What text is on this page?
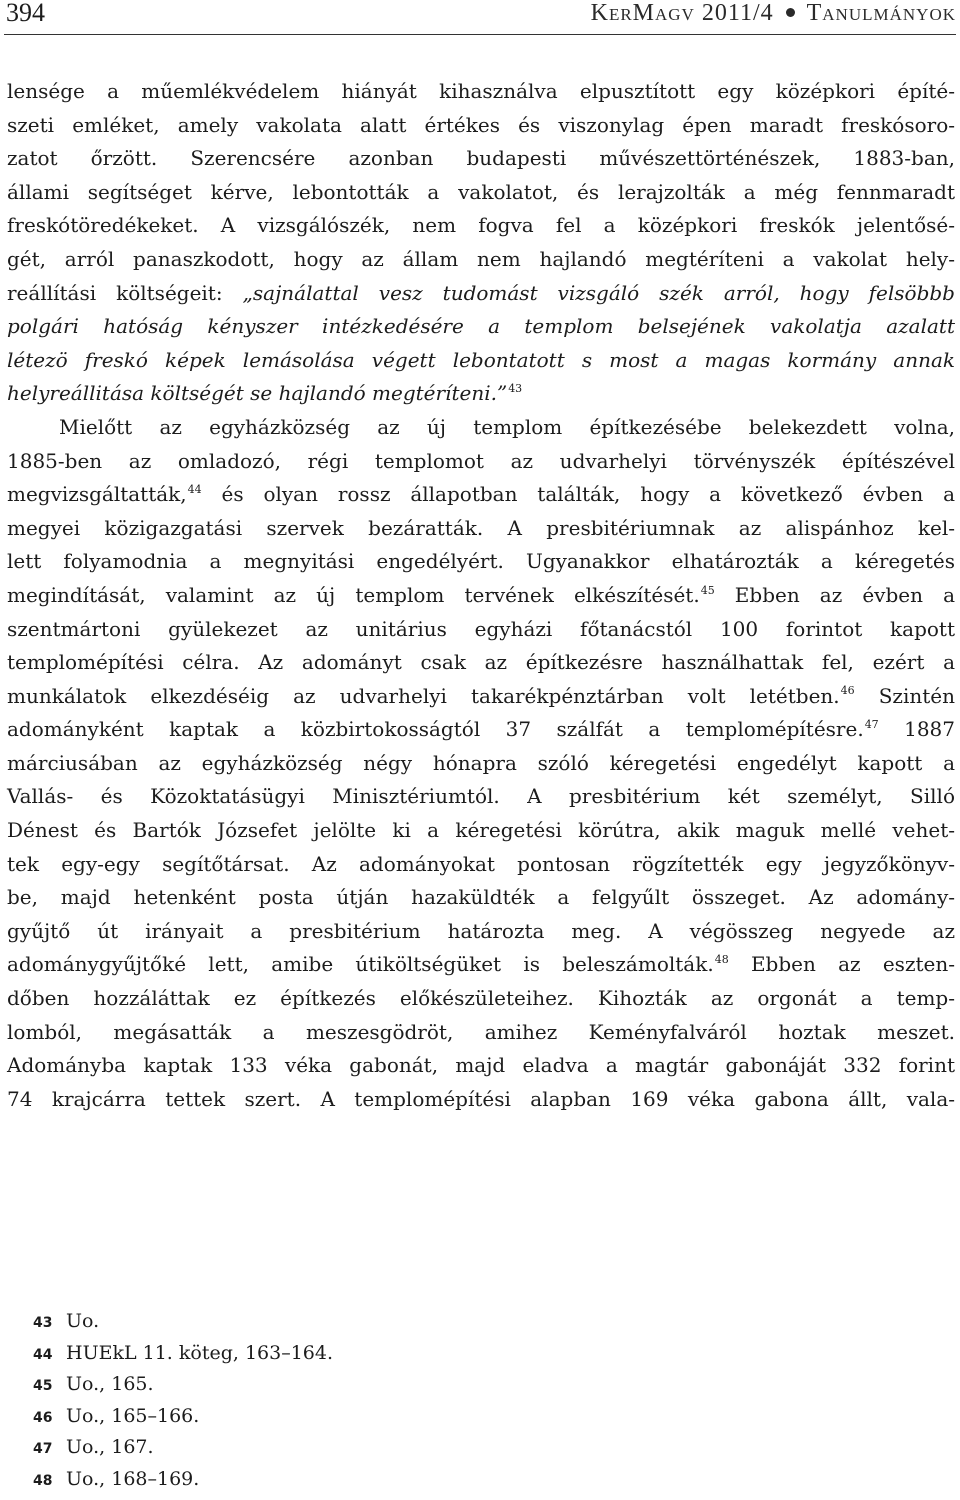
394	KerMagv 2011/4 Tanulmányok
lensége a műemlékvédelem hiányát kihasználva elpusztított egy középkori építé-
szeti emléket, amely vakolata alatt értékes és viszonylag épen maradt freskósoro-
zatot őrzött. Szerencsére azonban budapesti művészettörténészek, 1883-ban,
állami segítséget kérve, lebontották a vakolatot, és lerajzolták a még fennmaradt
freskótöredékeket. A vizsgálószék, nem fogva fel a középkori freskók jelentősé-
gét, arról panaszkodott, hogy az állam nem hajlandó megtéríteni a vakolat hely-
reállítási költségeit: „sajnálattal vesz tudomást vizsgáló szék arról, hogy felsöbbb
polgári hatóság kényszer intézkedésére a templom belsejének vakolatja azalatt
létezö freskó képek lemásolása végett lebontatott s most a magas kormány annak
helyreállitása költségét se hajlandó megtéríteni.”$^{43}$
Mielőtt az egyházközség az új templom építkezésébe belekezdett volna,
1885-ben az omladozó, régi templomot az udvarhelyi törvényszék építészével
megvizsgáltatták,$^{44}$ és olyan rossz állapotban találták, hogy a következő évben a
megyei közigazgatási szervek bezáratták. A presbitériumnak az alispánhoz kel-
lett folyamodnia a megnyitási engedélyért. Ugyanakkor elhatározták a kéregetés
megindítását, valamint az új templom tervének elkészítését.$^{45}$ Ebben az évben a
szentmártoni gyülekezet az unitárius egyházi főtanácstól 100 forintot kapott
templomépítési célra. Az adományt csak az építkezésre használhattak fel, ezért a
munkálatok elkezdéséig az udvarhelyi takarékpénztárban volt letétben.$^{46}$ Szintén
adományként kaptak a közbirtokosságtól 37 szálfát a templomépítésre.$^{47}$ 1887
márciusában az egyházközség négy hónapra szóló kéregetési engedélyt kapott a
Vallás- és Közoktatásügyi Minisztériumtól. A presbitérium két személyt, Silló
Dénest és Bartók Józsefet jelölte ki a kéregetési körútra, akik maguk mellé vehet-
tek egy-egy segítőtársat. Az adományokat pontosan rögzítették egy jegyzőkönyv-
be, majd hetenként posta útján hazaküldték a felgyűlt összeget. Az adomány-
gyűjtő út irányait a presbitérium határozta meg. A végösszeg negyede az
adománygyűjtőké lett, amibe útiköltségüket is beleszámolták.$^{48}$ Ebben az eszten-
dőben hozzáláttak ez építkezés előkészületeihez. Kihozták az orgonát a temp-
lomból, megásatták a meszesgödröt, amihez Keményfalváról hoztak meszet.
Adományba kaptak 133 véka gabonát, majd eladva a magtár gabonáját 332 forint
74 krajcárra tettek szert. A templomépítési alapban 169 véka gabona állt, vala-
43 Uo.
44 HUEkL 11. köteg, 163–164.
45 Uo., 165.
46 Uo., 165–166.
47 Uo., 167.
48 Uo., 168–169.
